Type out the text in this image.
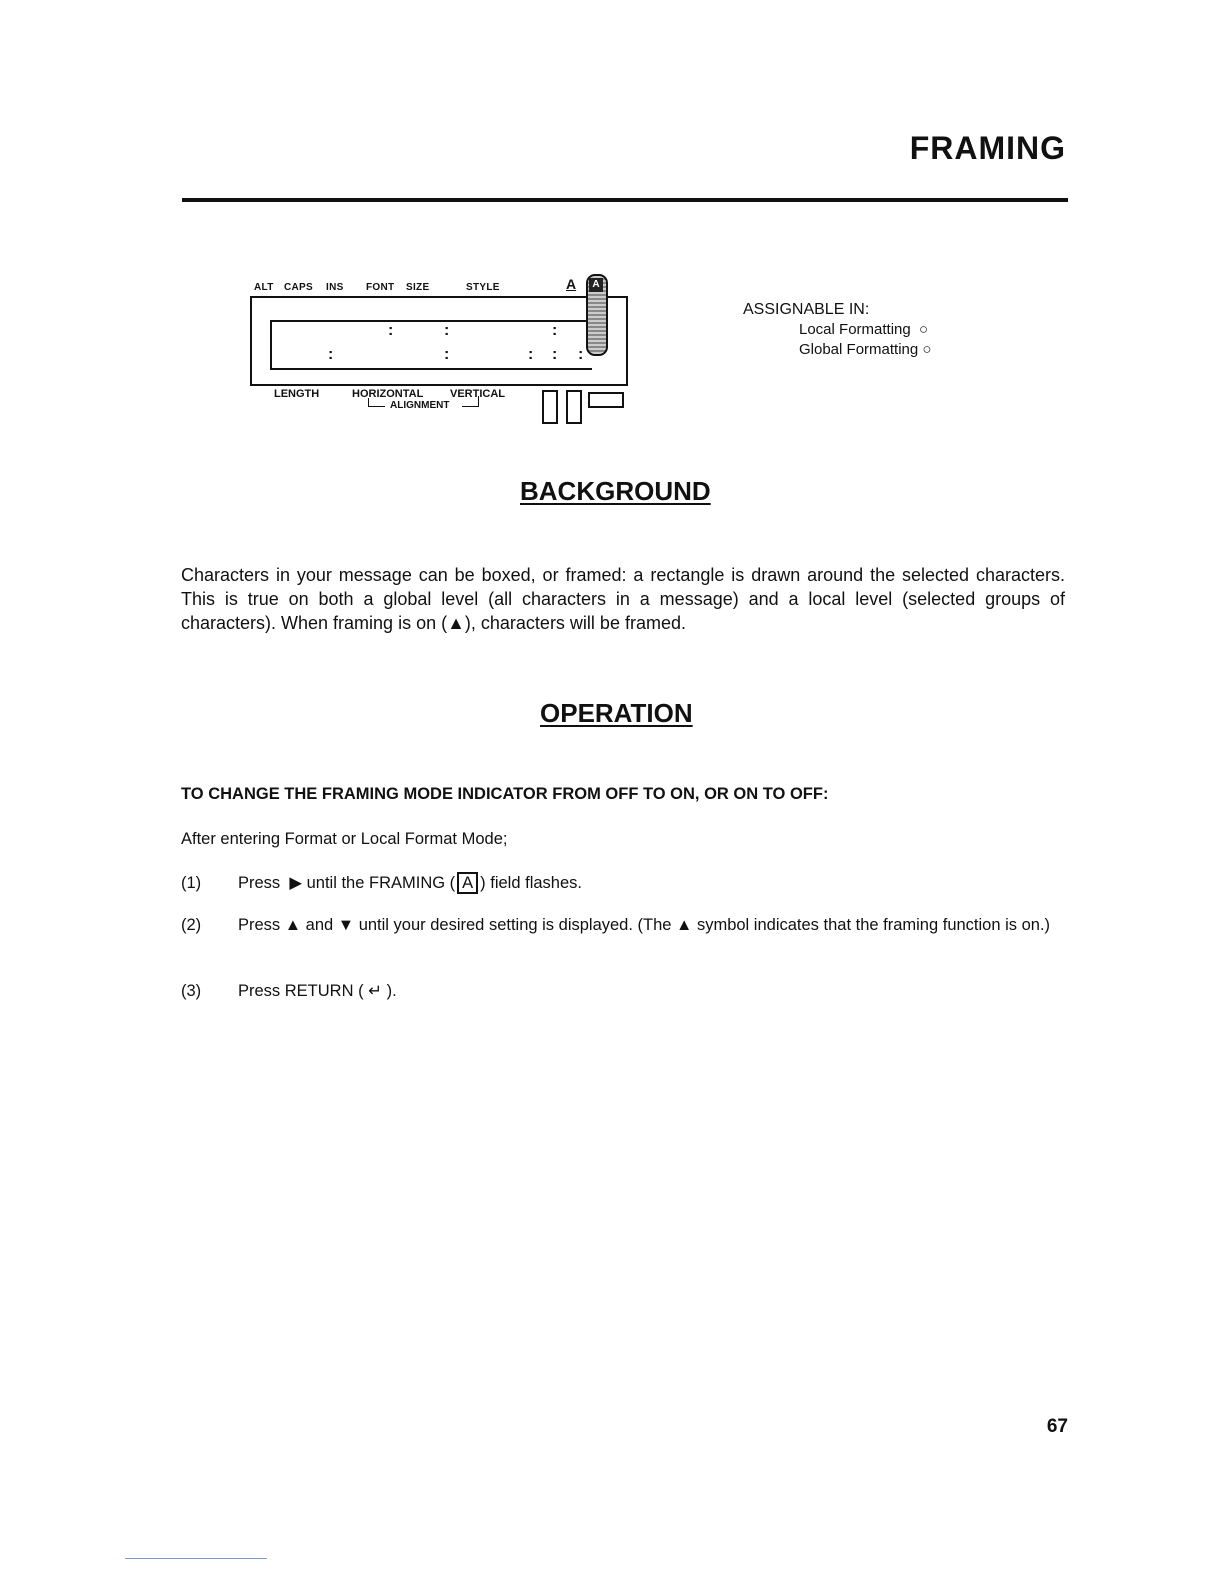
FRAMING
ALT CAPS INS FONT SIZE	STYLE	A
:	:	:
:	:	: : :
A
LENGTH	HORIZONTAL VERTICAL
ALIGNMENT
ASSIGNABLE IN:
Local Formatting  ○
Global Formatting ○
BACKGROUND
Characters in your message can be boxed, or framed: a rectangle is drawn around the selected characters. This is true on both a global level (all characters in a message) and a local level (selected groups of characters). When framing is on (▲), characters will be framed.
OPERATION
TO CHANGE THE FRAMING MODE INDICATOR FROM OFF TO ON, OR ON TO OFF:
After entering Format or Local Format Mode;
(1) Press  ▶ until the FRAMING ( A ) field flashes.
(2) Press ▲ and ▼ until your desired setting is displayed. (The ▲ symbol indicates that the framing function is on.)
(3) Press RETURN ( ↵ ).
67
